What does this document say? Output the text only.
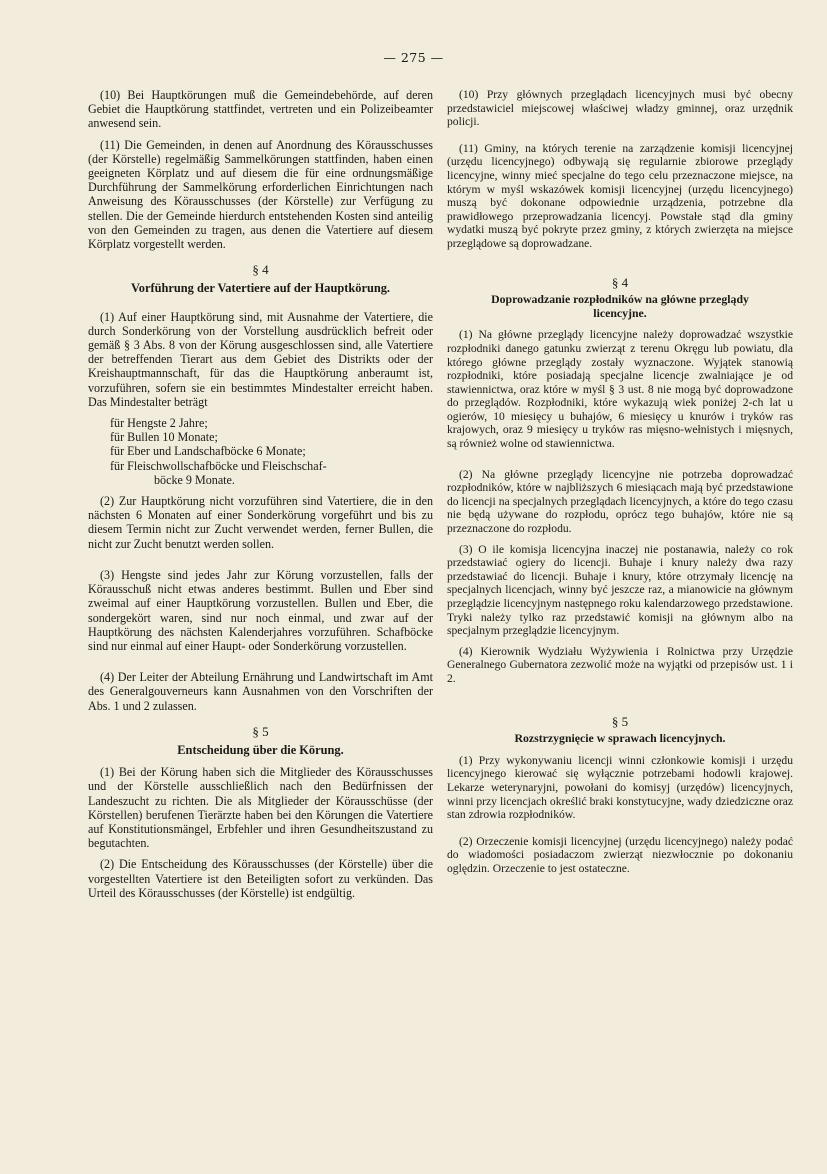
— 275 —

(10) Bei Hauptkörungen muß die Gemeindebehörde, auf deren Gebiet die Hauptkörung stattfindet, vertreten und ein Polizeibeamter anwesend sein.

(11) Die Gemeinden, in denen auf Anordnung des Körausschusses (der Körstelle) regelmäßig Sammelkörungen stattfinden, haben einen geeigneten Körplatz und auf diesem die für eine ordnungsmäßige Durchführung der Sammelkörung erforderlichen Einrichtungen nach Anweisung des Körausschusses (der Körstelle) zur Verfügung zu stellen. Die der Gemeinde hierdurch entstehenden Kosten sind anteilig von den Gemeinden zu tragen, aus denen die Vatertiere auf diesem Körplatz vorgestellt werden.

§ 4
Vorführung der Vatertiere auf der Hauptkörung.

(1) Auf einer Hauptkörung sind, mit Ausnahme der Vatertiere, die durch Sonderkörung von der Vorstellung ausdrücklich befreit oder gemäß § 3 Abs. 8 von der Körung ausgeschlossen sind, alle Vatertiere der betreffenden Tierart aus dem Gebiet des Distrikts oder der Kreishauptmannschaft, für das die Hauptkörung anberaumt ist, vorzuführen, sofern sie ein bestimmtes Mindestalter erreicht haben. Das Mindestalter beträgt

für Hengste 2 Jahre;
für Bullen 10 Monate;
für Eber und Landschafböcke 6 Monate;
für Fleischwollschafböcke und Fleischschaf-
böcke 9 Monate.

(2) Zur Hauptkörung nicht vorzuführen sind Vatertiere, die in den nächsten 6 Monaten auf einer Sonderkörung vorgeführt und bis zu diesem Termin nicht zur Zucht verwendet werden, ferner Bullen, die nicht zur Zucht benutzt werden sollen.

(3) Hengste sind jedes Jahr zur Körung vorzustellen, falls der Körausschuß nicht etwas anderes bestimmt. Bullen und Eber sind zweimal auf einer Hauptkörung vorzustellen. Bullen und Eber, die sondergekört waren, sind nur noch einmal, und zwar auf der Hauptkörung des nächsten Kalenderjahres vorzuführen. Schafböcke sind nur einmal auf einer Haupt- oder Sonderkörung vorzustellen.

(4) Der Leiter der Abteilung Ernährung und Landwirtschaft im Amt des Generalgouverneurs kann Ausnahmen von den Vorschriften der Abs. 1 und 2 zulassen.

§ 5
Entscheidung über die Körung.

(1) Bei der Körung haben sich die Mitglieder des Körausschusses und der Körstelle ausschließlich nach den Bedürfnissen der Landeszucht zu richten. Die als Mitglieder der Körausschüsse (der Körstellen) berufenen Tierärzte haben bei den Körungen die Vatertiere auf Konstitutionsmängel, Erbfehler und ihren Gesundheitszustand zu begutachten.

(2) Die Entscheidung des Körausschusses (der Körstelle) über die vorgestellten Vatertiere ist den Beteiligten sofort zu verkünden. Das Urteil des Körausschusses (der Körstelle) ist endgültig.

(10) Przy głównych przeglądach licencyjnych musi być obecny przedstawiciel miejscowej właściwej władzy gminnej, oraz urzędnik policji.

(11) Gminy, na których terenie na zarządzenie komisji licencyjnej (urzędu licencyjnego) odbywają się regularnie zbiorowe przeglądy licencyjne, winny mieć specjalne do tego celu przeznaczone miejsce, na którym w myśl wskazówek komisji licencyjnej (urzędu licencyjnego) muszą być dokonane odpowiednie urządzenia, potrzebne dla prawidłowego przeprowadzania licencyj. Powstałe stąd dla gminy wydatki muszą być pokryte przez gminy, z których zwierzęta na miejsce przeglądowe są doprowadzane.

§ 4
Doprowadzanie rozpłodników na główne przeglądy licencyjne.

(1) Na główne przeglądy licencyjne należy doprowadzać wszystkie rozpłodniki danego gatunku zwierząt z terenu Okręgu lub powiatu, dla którego główne przeglądy zostały wyznaczone. Wyjątek stanowią rozpłodniki, które posiadają specjalne licencje zwalniające je od stawiennictwa, oraz które w myśl § 3 ust. 8 nie mogą być doprowadzone do przeglądów. Rozpłodniki, które wykazują wiek poniżej 2-ch lat u ogierów, 10 miesięcy u buhajów, 6 miesięcy u knurów i tryków ras krajowych, oraz 9 miesięcy u tryków ras mięsno-wełnistych i mięsnych, są również wolne od stawiennictwa.

(2) Na główne przeglądy licencyjne nie potrzeba doprowadzać rozpłodników, które w najbliższych 6 miesiącach mają być przedstawione do licencji na specjalnych przeglądach licencyjnych, a które do tego czasu nie będą używane do rozpłodu, oprócz tego buhajów, które nie są przeznaczone do rozpłodu.

(3) O ile komisja licencyjna inaczej nie postanawia, należy co rok przedstawiać ogiery do licencji. Buhaje i knury należy dwa razy przedstawiać do licencji. Buhaje i knury, które otrzymały licencję na specjalnych licencjach, winny być jeszcze raz, a mianowicie na głównym przeglądzie licencyjnym następnego roku kalendarzowego przedstawione. Tryki należy tylko raz przedstawić komisji na głównym albo na specjalnym przeglądzie licencyjnym.

(4) Kierownik Wydziału Wyżywienia i Rolnictwa przy Urzędzie Generalnego Gubernatora zezwolić może na wyjątki od przepisów ust. 1 i 2.

§ 5
Rozstrzygnięcie w sprawach licencyjnych.

(1) Przy wykonywaniu licencji winni członkowie komisji i urzędu licencyjnego kierować się wyłącznie potrzebami hodowli krajowej. Lekarze weterynaryjni, powołani do komisyj (urzędów) licencyjnych, winni przy licencjach określić braki konstytucyjne, wady dziedziczne oraz stan zdrowia rozpłodników.

(2) Orzeczenie komisji licencyjnej (urzędu licencyjnego) należy podać do wiadomości posiadaczom zwierząt niezwłocznie po dokonaniu oględzin. Orzeczenie to jest ostateczne.
